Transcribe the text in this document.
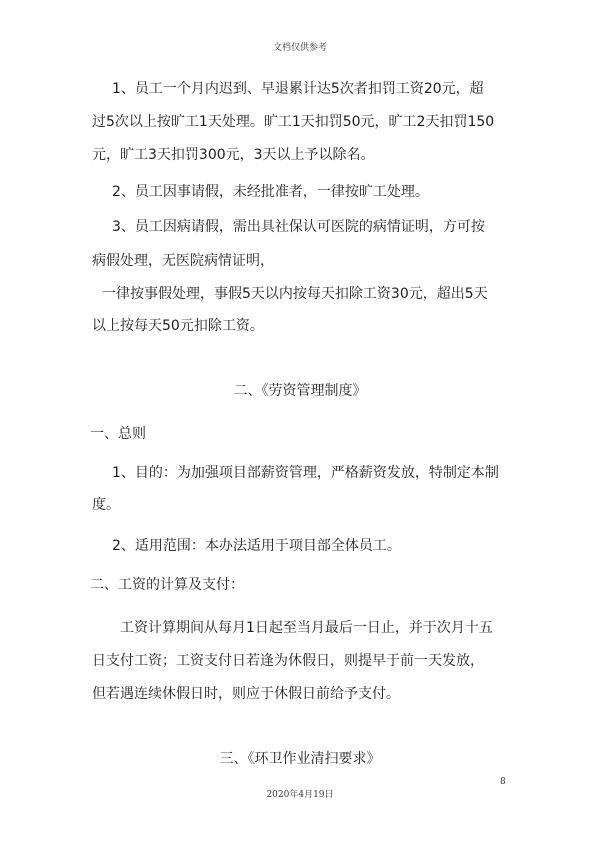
文档仅供参考
1、员工一个月内迟到、早退累计达5次者扣罚工资20元，超
过5次以上按旷工1天处理。旷工1天扣罚50元，旷工2天扣罚150
元，旷工3天扣罚300元，3天以上予以除名。
2、员工因事请假，未经批准者，一律按旷工处理。
3、员工因病请假，需出具社保认可医院的病情证明，方可按
病假处理，无医院病情证明，
一律按事假处理，事假5天以内按每天扣除工资30元，超出5天
以上按每天50元扣除工资。
二、《劳资管理制度》
一、总则
1、目的：为加强项目部薪资管理，严格薪资发放，特制定本制
度。
2、适用范围：本办法适用于项目部全体员工。
二、工资的计算及支付：
工资计算期间从每月1日起至当月最后一日止，并于次月十五
日支付工资；工资支付日若逢为休假日，则提早于前一天发放，
但若遇连续休假日时，则应于休假日前给予支付。
三、《环卫作业清扫要求》
8
2020年4月19日
